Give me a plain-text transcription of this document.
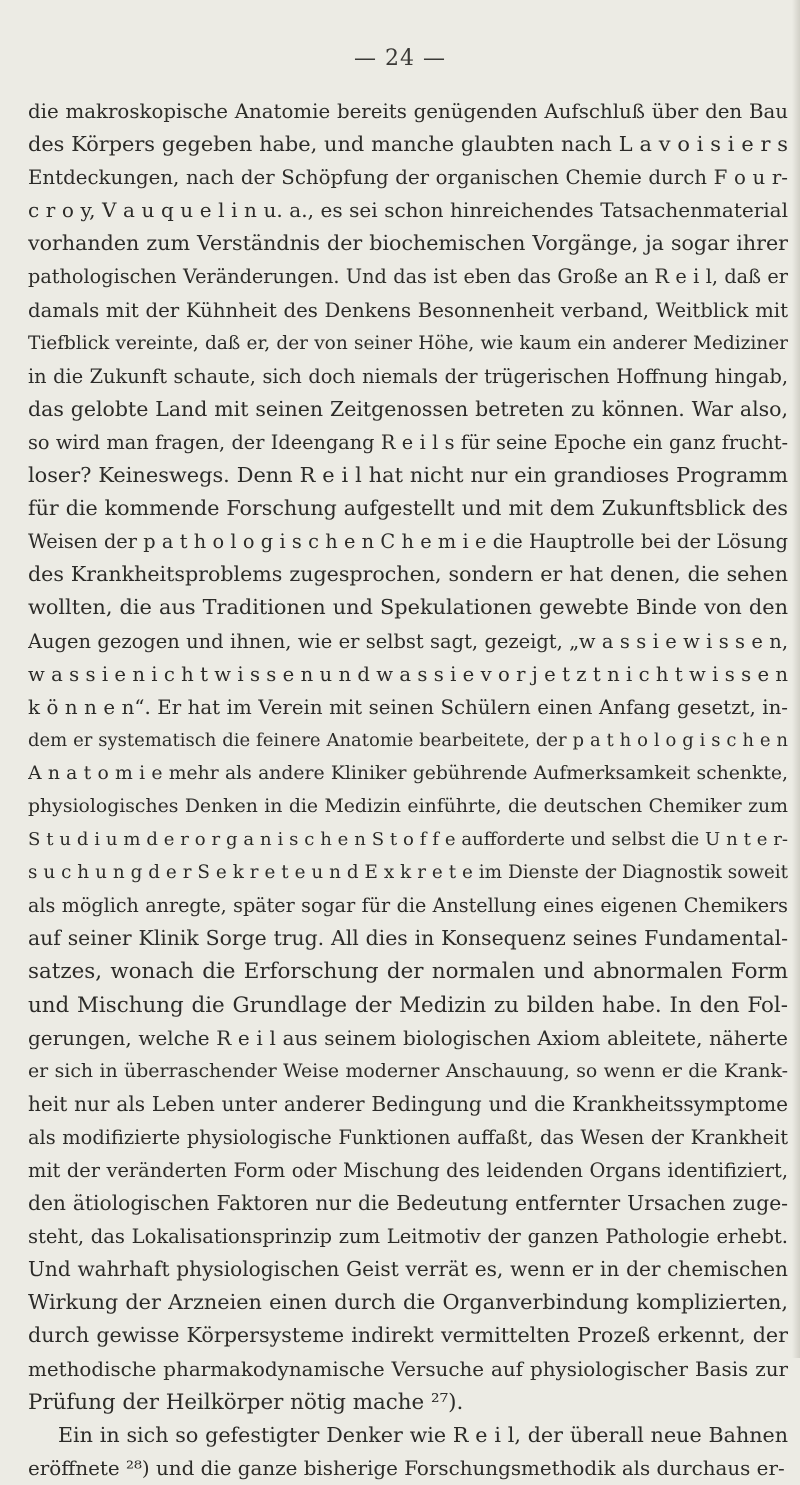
— 24 —
die makroskopische Anatomie bereits genügenden Aufschluß über den Bau
des Körpers gegeben habe, und manche glaubten nach L a v o i s i e r s
Entdeckungen, nach der Schöpfung der organischen Chemie durch F o u r-
c r o y, V a u q u e l i n u. a., es sei schon hinreichendes Tatsachenmaterial
vorhanden zum Verständnis der biochemischen Vorgänge, ja sogar ihrer
pathologischen Veränderungen. Und das ist eben das Große an R e i l, daß er
damals mit der Kühnheit des Denkens Besonnenheit verband, Weitblick mit
Tiefblick vereinte, daß er, der von seiner Höhe, wie kaum ein anderer Mediziner
in die Zukunft schaute, sich doch niemals der trügerischen Hoffnung hingab,
das gelobte Land mit seinen Zeitgenossen betreten zu können. War also,
so wird man fragen, der Ideengang R e i l s für seine Epoche ein ganz frucht-
loser? Keineswegs. Denn R e i l hat nicht nur ein grandioses Programm
für die kommende Forschung aufgestellt und mit dem Zukunftsblick des
Weisen der p a t h o l o g i s c h e n C h e m i e die Hauptrolle bei der Lösung
des Krankheitsproblems zugesprochen, sondern er hat denen, die sehen
wollten, die aus Traditionen und Spekulationen gewebte Binde von den
Augen gezogen und ihnen, wie er selbst sagt, gezeigt, „w a s s i e w i s s e n,
w a s s i e n i c h t w i s s e n u n d w a s s i e v o r j e t z t n i c h t w i s s e n
k ö n n e n“. Er hat im Verein mit seinen Schülern einen Anfang gesetzt, in-
dem er systematisch die feinere Anatomie bearbeitete, der p a t h o l o g i s c h e n
A n a t o m i e mehr als andere Kliniker gebührende Aufmerksamkeit schenkte,
physiologisches Denken in die Medizin einführte, die deutschen Chemiker zum
S t u d i u m d e r o r g a n i s c h e n S t o f f e aufforderte und selbst die U n t e r-
s u c h u n g d e r S e k r e t e u n d E x k r e t e im Dienste der Diagnostik soweit
als möglich anregte, später sogar für die Anstellung eines eigenen Chemikers
auf seiner Klinik Sorge trug. All dies in Konsequenz seines Fundamental-
satzes, wonach die Erforschung der normalen und abnormalen Form
und Mischung die Grundlage der Medizin zu bilden habe. In den Fol-
gerungen, welche R e i l aus seinem biologischen Axiom ableitete, näherte
er sich in überraschender Weise moderner Anschauung, so wenn er die Krank-
heit nur als Leben unter anderer Bedingung und die Krankheitssymptome
als modifizierte physiologische Funktionen auffaßt, das Wesen der Krankheit
mit der veränderten Form oder Mischung des leidenden Organs identifiziert,
den ätiologischen Faktoren nur die Bedeutung entfernter Ursachen zuge-
steht, das Lokalisationsprinzip zum Leitmotiv der ganzen Pathologie erhebt.
Und wahrhaft physiologischen Geist verrät es, wenn er in der chemischen
Wirkung der Arzneien einen durch die Organverbindung komplizierten,
durch gewisse Körpersysteme indirekt vermittelten Prozeß erkennt, der
methodische pharmakodynamische Versuche auf physiologischer Basis zur
Prüfung der Heilkörper nötig mache ²⁷).
Ein in sich so gefestigter Denker wie R e i l, der überall neue Bahnen
eröffnete ²⁸) und die ganze bisherige Forschungsmethodik als durchaus er-
